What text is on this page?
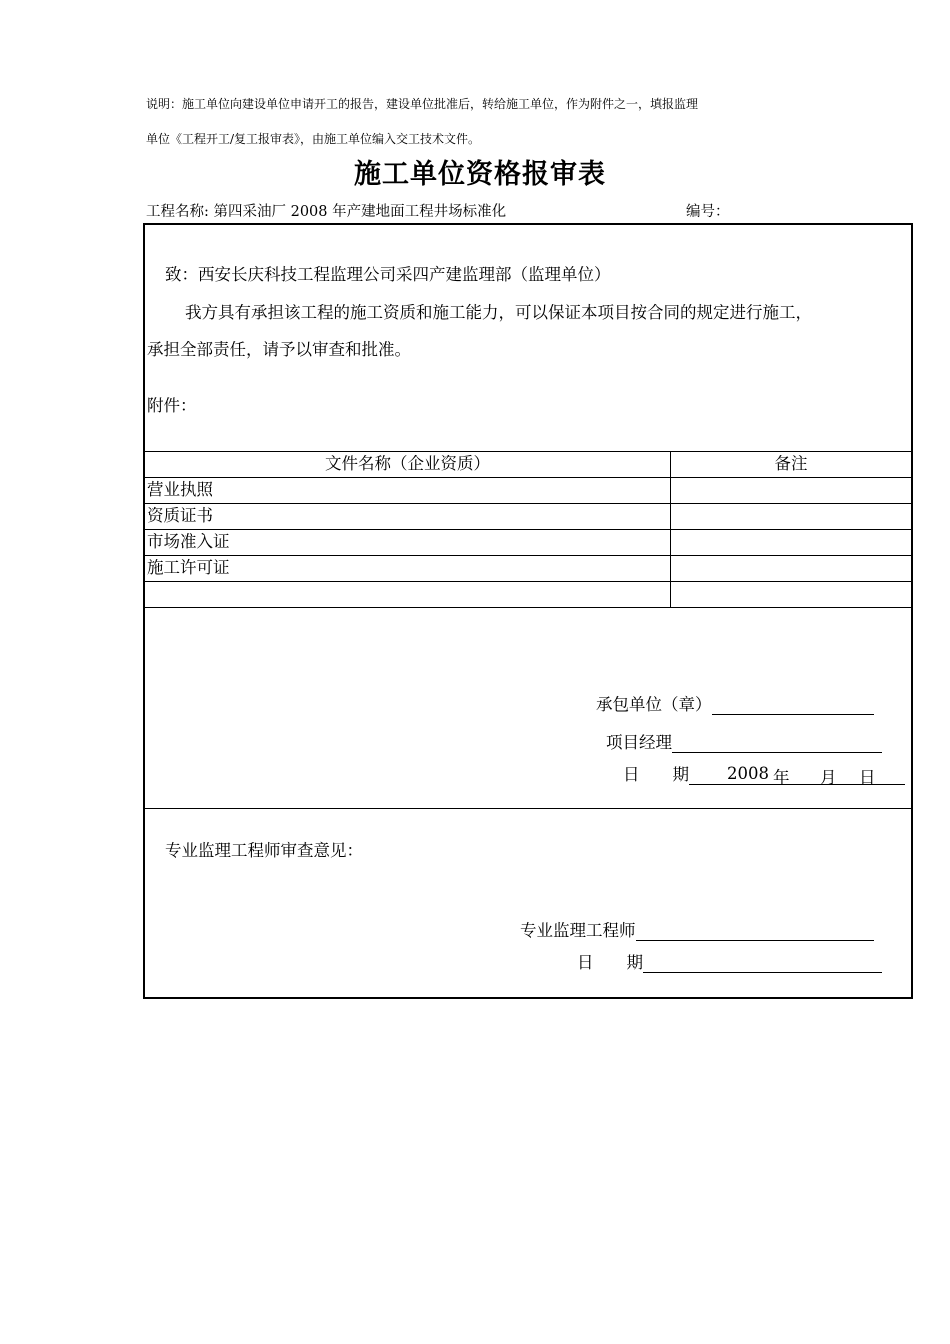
说明：施工单位向建设单位申请开工的报告，建设单位批准后，转给施工单位，作为附件之一，填报监理
单位《工程开工/复工报审表》，由施工单位编入交工技术文件。
施工单位资格报审表
工程名称: 第四采油厂 2008 年产建地面工程井场标准化	编号：
致：西安长庆科技工程监理公司采四产建监理部（监理单位）
我方具有承担该工程的施工资质和施工能力，可以保证本项目按合同的规定进行施工，
承担全部责任，请予以审查和批准。
附件：
文件名称（企业资质）	备注
营业执照
资质证书
市场准入证
施工许可证
承包单位（章）
项目经理
日　　期 2008 年 月 日
专业监理工程师审查意见：
专业监理工程师
日　　期
